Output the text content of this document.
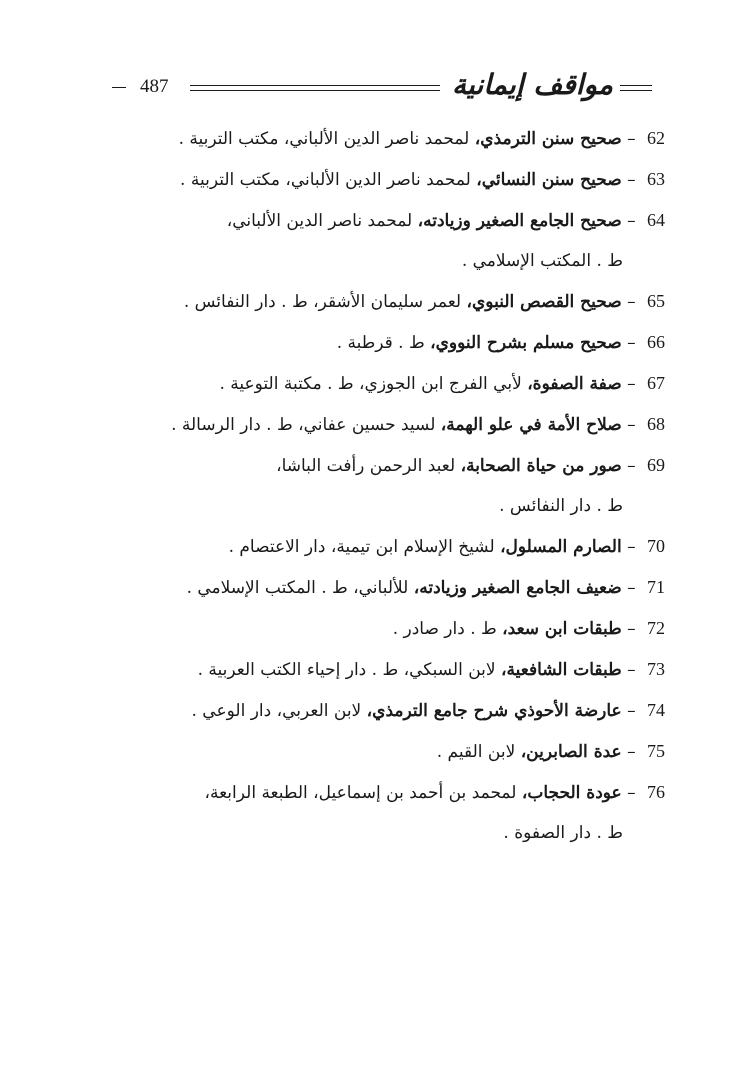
487	مواقف إيمانية
62 – صحيح سنن الترمذي، لمحمد ناصر الدين الألباني، مكتب التربية .
63 – صحيح سنن النسائي، لمحمد ناصر الدين الألباني، مكتب التربية .
64 – صحيح الجامع الصغير وزيادته، لمحمد ناصر الدين الألباني،
ط . المكتب الإسلامي .
65 – صحيح القصص النبوي، لعمر سليمان الأشقر، ط . دار النفائس .
66 – صحيح مسلم بشرح النووي، ط . قرطبة .
67 – صفة الصفوة، لأبي الفرج ابن الجوزي، ط . مكتبة التوعية .
68 – صلاح الأمة في علو الهمة، لسيد حسين عفاني، ط . دار الرسالة .
69 – صور من حياة الصحابة، لعبد الرحمن رأفت الباشا،
ط . دار النفائس .
70 – الصارم المسلول، لشيخ الإسلام ابن تيمية، دار الاعتصام .
71 – ضعيف الجامع الصغير وزيادته، للألباني، ط . المكتب الإسلامي .
72 – طبقات ابن سعد، ط . دار صادر .
73 – طبقات الشافعية، لابن السبكي، ط . دار إحياء الكتب العربية .
74 – عارضة الأحوذي شرح جامع الترمذي، لابن العربي، دار الوعي .
75 – عدة الصابرين، لابن القيم .
76 – عودة الحجاب، لمحمد بن أحمد بن إسماعيل، الطبعة الرابعة،
ط . دار الصفوة .
